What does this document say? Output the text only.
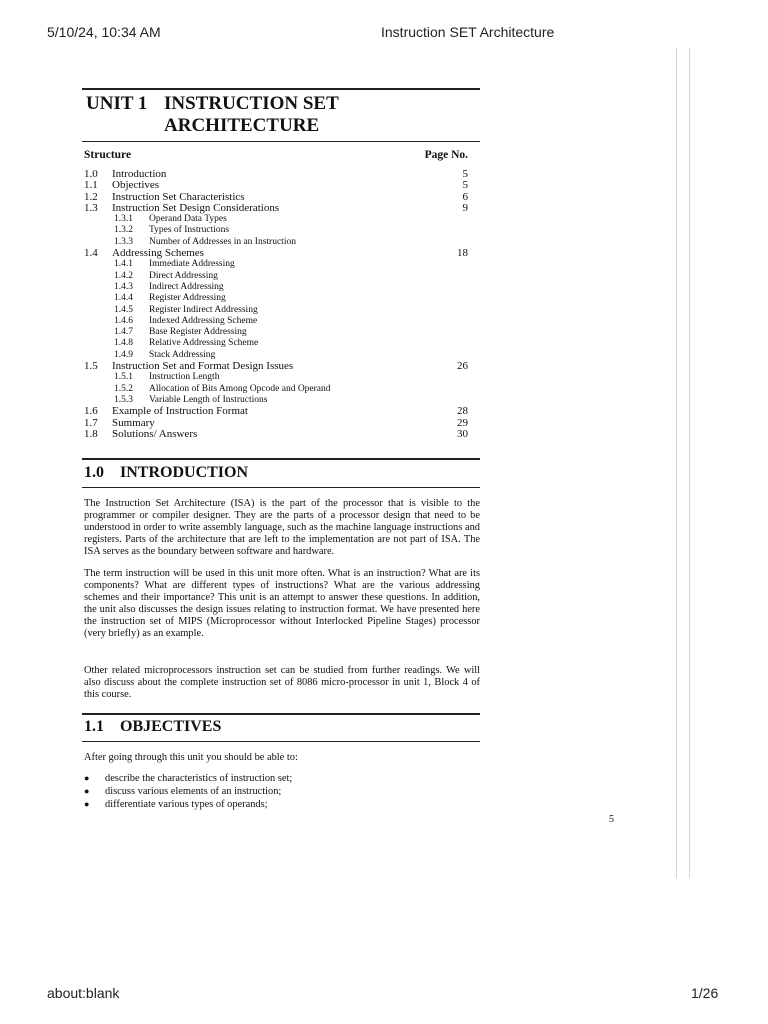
5/10/24, 10:34 AM	Instruction SET Architecture
UNIT 1 INSTRUCTION SET ARCHITECTURE
Structure	Page No.
1.0 Introduction	5
1.1 Objectives	5
1.2 Instruction Set Characteristics	6
1.3 Instruction Set Design Considerations	9
1.3.1 Operand Data Types
1.3.2 Types of Instructions
1.3.3 Number of Addresses in an Instruction
1.4 Addressing Schemes	18
1.4.1 Immediate Addressing
1.4.2 Direct Addressing
1.4.3 Indirect Addressing
1.4.4 Register Addressing
1.4.5 Register Indirect Addressing
1.4.6 Indexed Addressing Scheme
1.4.7 Base Register Addressing
1.4.8 Relative Addressing Scheme
1.4.9 Stack Addressing
1.5 Instruction Set and Format Design Issues	26
1.5.1 Instruction Length
1.5.2 Allocation of Bits Among Opcode and Operand
1.5.3 Variable Length of Instructions
1.6 Example of Instruction Format	28
1.7 Summary	29
1.8 Solutions/ Answers	30
1.0 INTRODUCTION

The Instruction Set Architecture (ISA) is the part of the processor that is visible to the programmer or compiler designer. They are the parts of a processor design that need to be understood in order to write assembly language, such as the machine language instructions and registers. Parts of the architecture that are left to the implementation are not part of ISA. The ISA serves as the boundary between software and hardware.

The term instruction will be used in this unit more often. What is an instruction? What are its components? What are different types of instructions? What are the various addressing schemes and their importance? This unit is an attempt to answer these questions. In addition, the unit also discusses the design issues relating to instruction format. We have presented here the instruction set of MIPS (Microprocessor without Interlocked Pipeline Stages) processor (very briefly) as an example.

Other related microprocessors instruction set can be studied from further readings. We will also discuss about the complete instruction set of 8086 micro-processor in unit 1, Block 4 of this course.

1.1 OBJECTIVES
After going through this unit you should be able to:
● describe the characteristics of instruction set;
● discuss various elements of an instruction;
● differentiate various types of operands;
5
about:blank	1/26
